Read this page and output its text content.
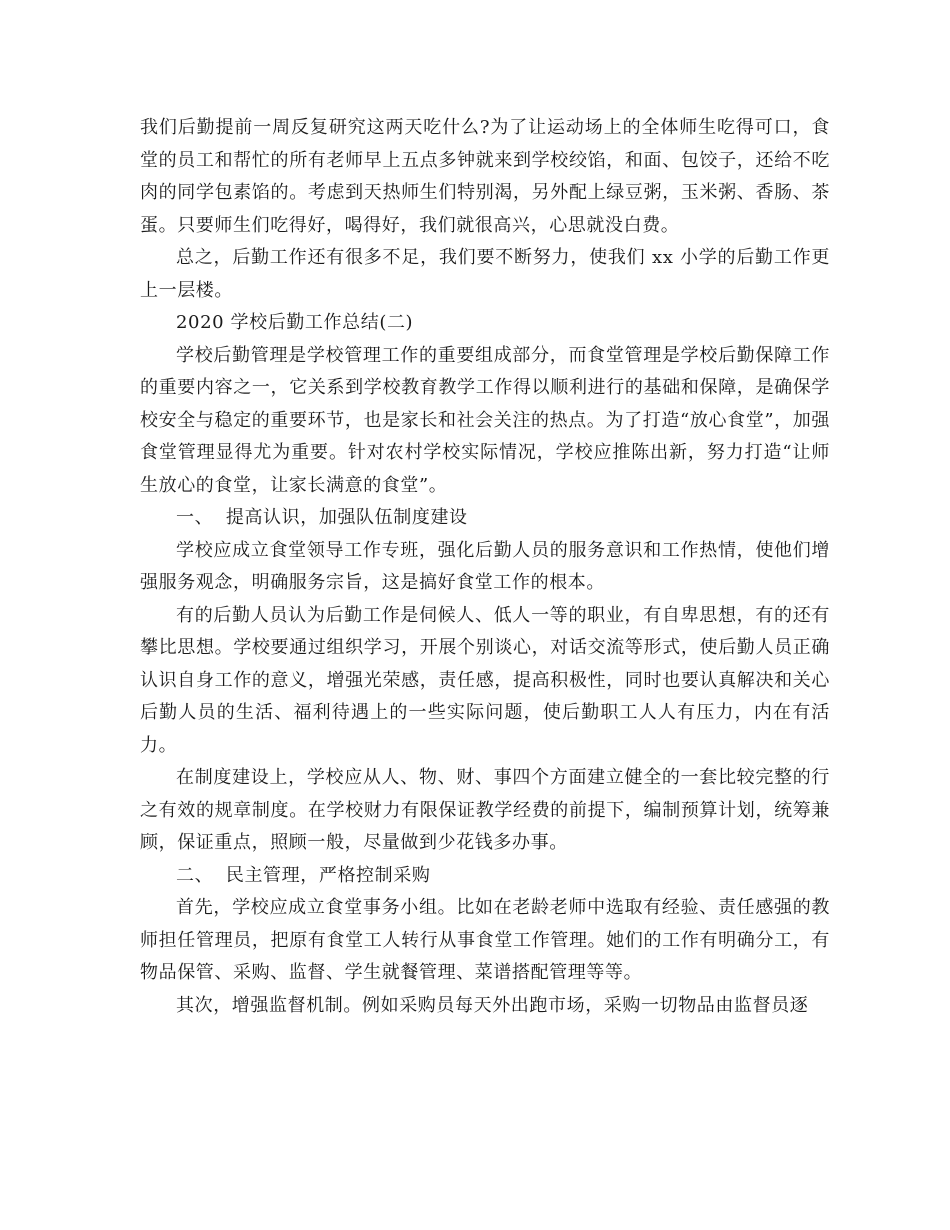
我们后勤提前一周反复研究这两天吃什么?为了让运动场上的全体师生吃得可口，食堂的员工和帮忙的所有老师早上五点多钟就来到学校绞馅，和面、包饺子，还给不吃肉的同学包素馅的。考虑到天热师生们特别渴，另外配上绿豆粥，玉米粥、香肠、茶蛋。只要师生们吃得好，喝得好，我们就很高兴，心思就没白费。

总之，后勤工作还有很多不足，我们要不断努力，使我们 xx 小学的后勤工作更上一层楼。

2020 学校后勤工作总结(二)

学校后勤管理是学校管理工作的重要组成部分，而食堂管理是学校后勤保障工作的重要内容之一，它关系到学校教育教学工作得以顺利进行的基础和保障，是确保学校安全与稳定的重要环节，也是家长和社会关注的热点。为了打造“放心食堂”，加强食堂管理显得尤为重要。针对农村学校实际情况，学校应推陈出新，努力打造“让师生放心的食堂，让家长满意的食堂”。

一、  提高认识，加强队伍制度建设

学校应成立食堂领导工作专班，强化后勤人员的服务意识和工作热情，使他们增强服务观念，明确服务宗旨，这是搞好食堂工作的根本。

有的后勤人员认为后勤工作是伺候人、低人一等的职业，有自卑思想，有的还有攀比思想。学校要通过组织学习，开展个别谈心，对话交流等形式，使后勤人员正确认识自身工作的意义，增强光荣感，责任感，提高积极性，同时也要认真解决和关心后勤人员的生活、福利待遇上的一些实际问题，使后勤职工人人有压力，内在有活力。

在制度建设上，学校应从人、物、财、事四个方面建立健全的一套比较完整的行之有效的规章制度。在学校财力有限保证教学经费的前提下，编制预算计划，统筹兼顾，保证重点，照顾一般，尽量做到少花钱多办事。

二、  民主管理，严格控制采购

首先，学校应成立食堂事务小组。比如在老龄老师中选取有经验、责任感强的教师担任管理员，把原有食堂工人转行从事食堂工作管理。她们的工作有明确分工，有物品保管、采购、监督、学生就餐管理、菜谱搭配管理等等。

其次，增强监督机制。例如采购员每天外出跑市场，采购一切物品由监督员逐
